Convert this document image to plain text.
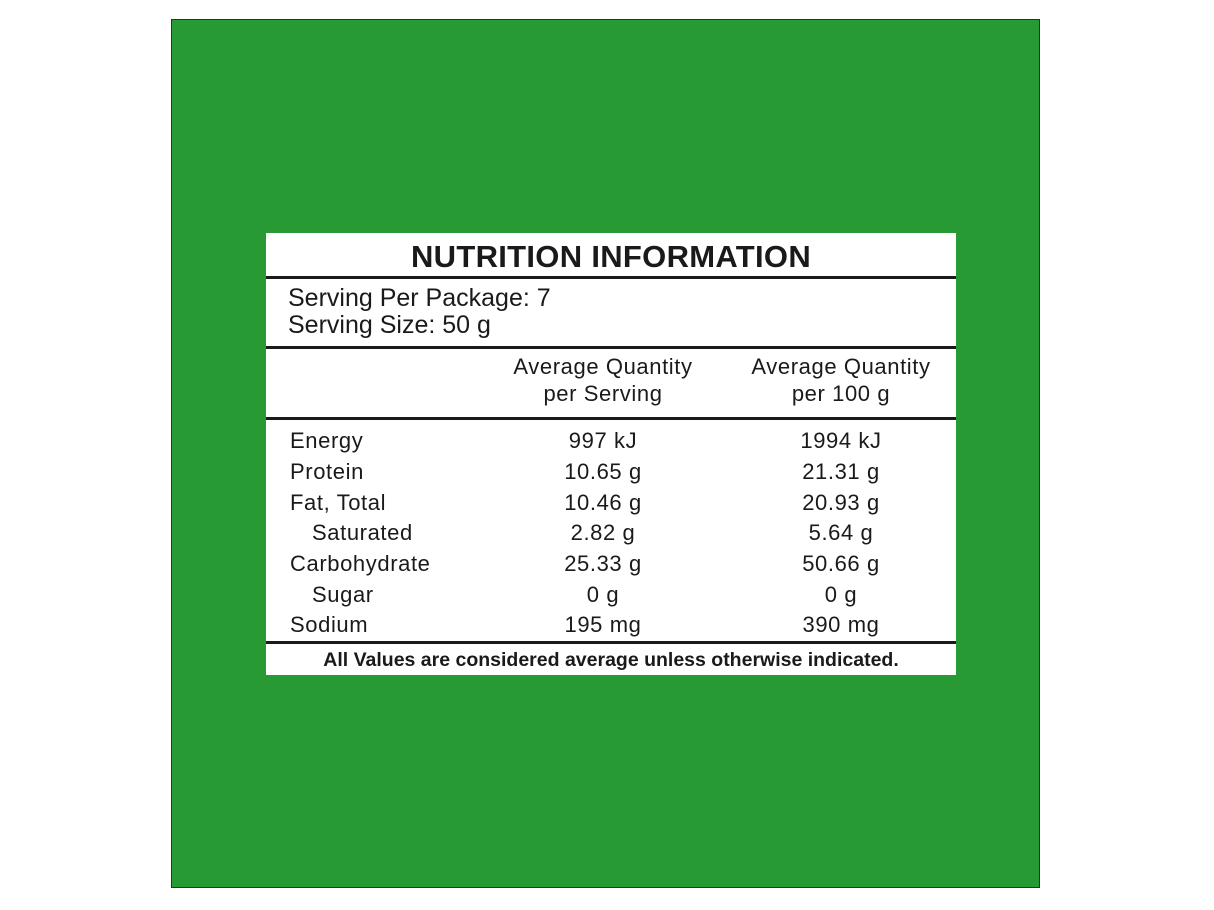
NUTRITION INFORMATION
Serving Per Package: 7
Serving Size: 50 g
Average Quantity
per Serving
Average Quantity
per 100 g
Energy	997 kJ	1994 kJ
Protein	10.65 g	21.31 g
Fat, Total	10.46 g	20.93 g
Saturated	2.82 g	5.64 g
Carbohydrate	25.33 g	50.66 g
Sugar	0 g	0 g
Sodium	195 mg	390 mg
All Values are considered average unless otherwise indicated.
